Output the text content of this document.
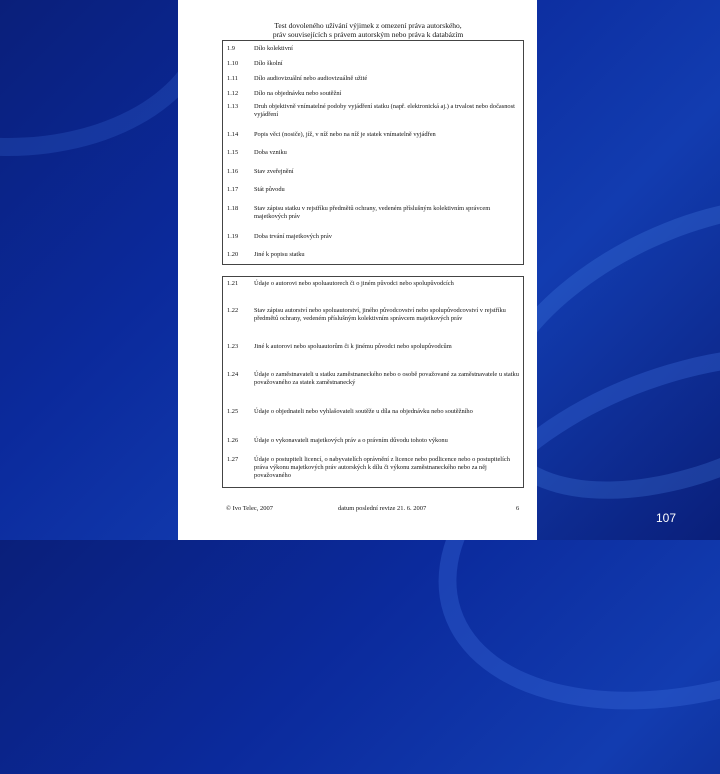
Test dovoleného užívání výjimek z omezení práva autorského,
práv souvisejících s právem autorským nebo práva k databázím
1.9	Dílo kolektivní
1.10	Dílo školní
1.11	Dílo audiovizuální nebo audiovizuálně užité
1.12	Dílo na objednávku nebo soutěžní
1.13	Druh objektivně vnímatelné podoby vyjádření statku (např. elektronická aj.) a trvalost nebo dočasnost vyjádření
1.14	Popis věci (nosiče), jíž, v níž nebo na níž je statek vnímatelně vyjádřen
1.15	Doba vzniku
1.16	Stav zveřejnění
1.17	Stát původu
1.18	Stav zápisu statku v rejstříku předmětů ochrany, vedeném příslušným kolektivním správcem majetkových práv
1.19	Doba trvání majetkových práv
1.20	Jiné k popisu statku
1.21	Údaje o autorovi nebo spoluautorech či o jiném původci nebo spolupůvodcích
1.22	Stav zápisu autorství nebo spoluautorství, jiného původcovství nebo spolupůvodcovství v rejstříku předmětů ochrany, vedeném příslušným kolektivním správcem majetkových práv
1.23	Jiné k autorovi nebo spoluautorům či k jinému původci nebo spolupůvodcům
1.24	Údaje o zaměstnavateli u statku zaměstnaneckého nebo o osobě považované za zaměstnavatele u statku považovaného za statek zaměstnanecký
1.25	Údaje o objednateli nebo vyhlašovateli soutěže u díla na objednávku nebo soutěžního
1.26	Údaje o vykonavateli majetkových práv a o právním důvodu tohoto výkonu
1.27	Údaje o postupiteli licencí, o nabyvatelích oprávnění z licence nebo podlicence nebo o postupitelích práva výkonu majetkových práv autorských k dílu či výkonu zaměstnaneckého nebo za něj považovaného
© Ivo Telec, 2007	datum poslední revize 21. 6. 2007	6
107
